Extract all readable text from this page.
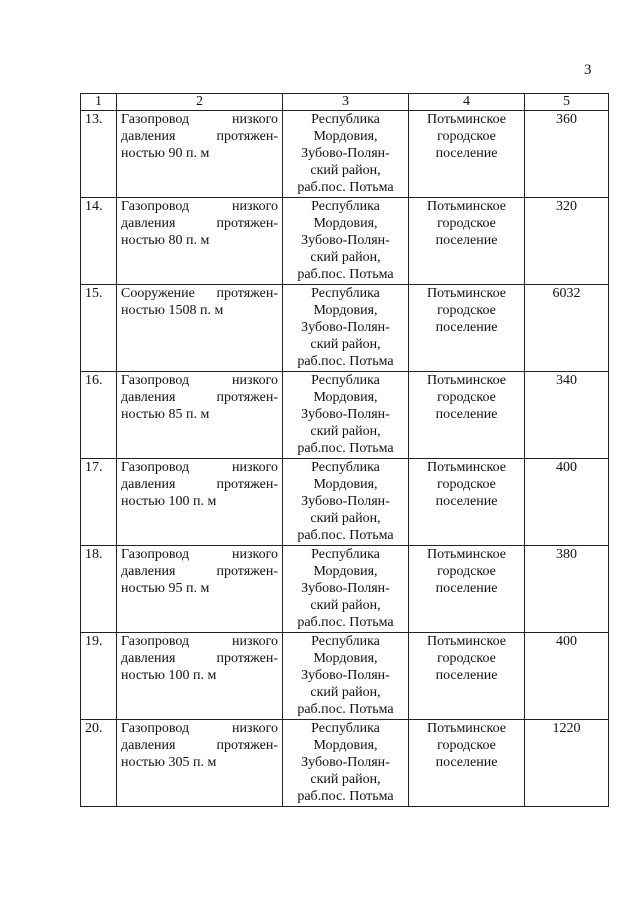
3
1	2	3	4	5
13.	Газопровод низкого
давления протяжен-
ностью 90 п. м	Республика
Мордовия,
Зубово-Полян-
ский район,
раб.пос. Потьма	Потьминское
городское
поселение	360
14.	Газопровод низкого
давления протяжен-
ностью 80 п. м	Республика
Мордовия,
Зубово-Полян-
ский район,
раб.пос. Потьма	Потьминское
городское
поселение	320
15.	Сооружение протяжен-
ностью 1508 п. м	Республика
Мордовия,
Зубово-Полян-
ский район,
раб.пос. Потьма	Потьминское
городское
поселение	6032
16.	Газопровод низкого
давления протяжен-
ностью 85 п. м	Республика
Мордовия,
Зубово-Полян-
ский район,
раб.пос. Потьма	Потьминское
городское
поселение	340
17.	Газопровод низкого
давления протяжен-
ностью 100 п. м	Республика
Мордовия,
Зубово-Полян-
ский район,
раб.пос. Потьма	Потьминское
городское
поселение	400
18.	Газопровод низкого
давления протяжен-
ностью 95 п. м	Республика
Мордовия,
Зубово-Полян-
ский район,
раб.пос. Потьма	Потьминское
городское
поселение	380
19.	Газопровод низкого
давления протяжен-
ностью 100 п. м	Республика
Мордовия,
Зубово-Полян-
ский район,
раб.пос. Потьма	Потьминское
городское
поселение	400
20.	Газопровод низкого
давления протяжен-
ностью 305 п. м	Республика
Мордовия,
Зубово-Полян-
ский район,
раб.пос. Потьма	Потьминское
городское
поселение	1220
